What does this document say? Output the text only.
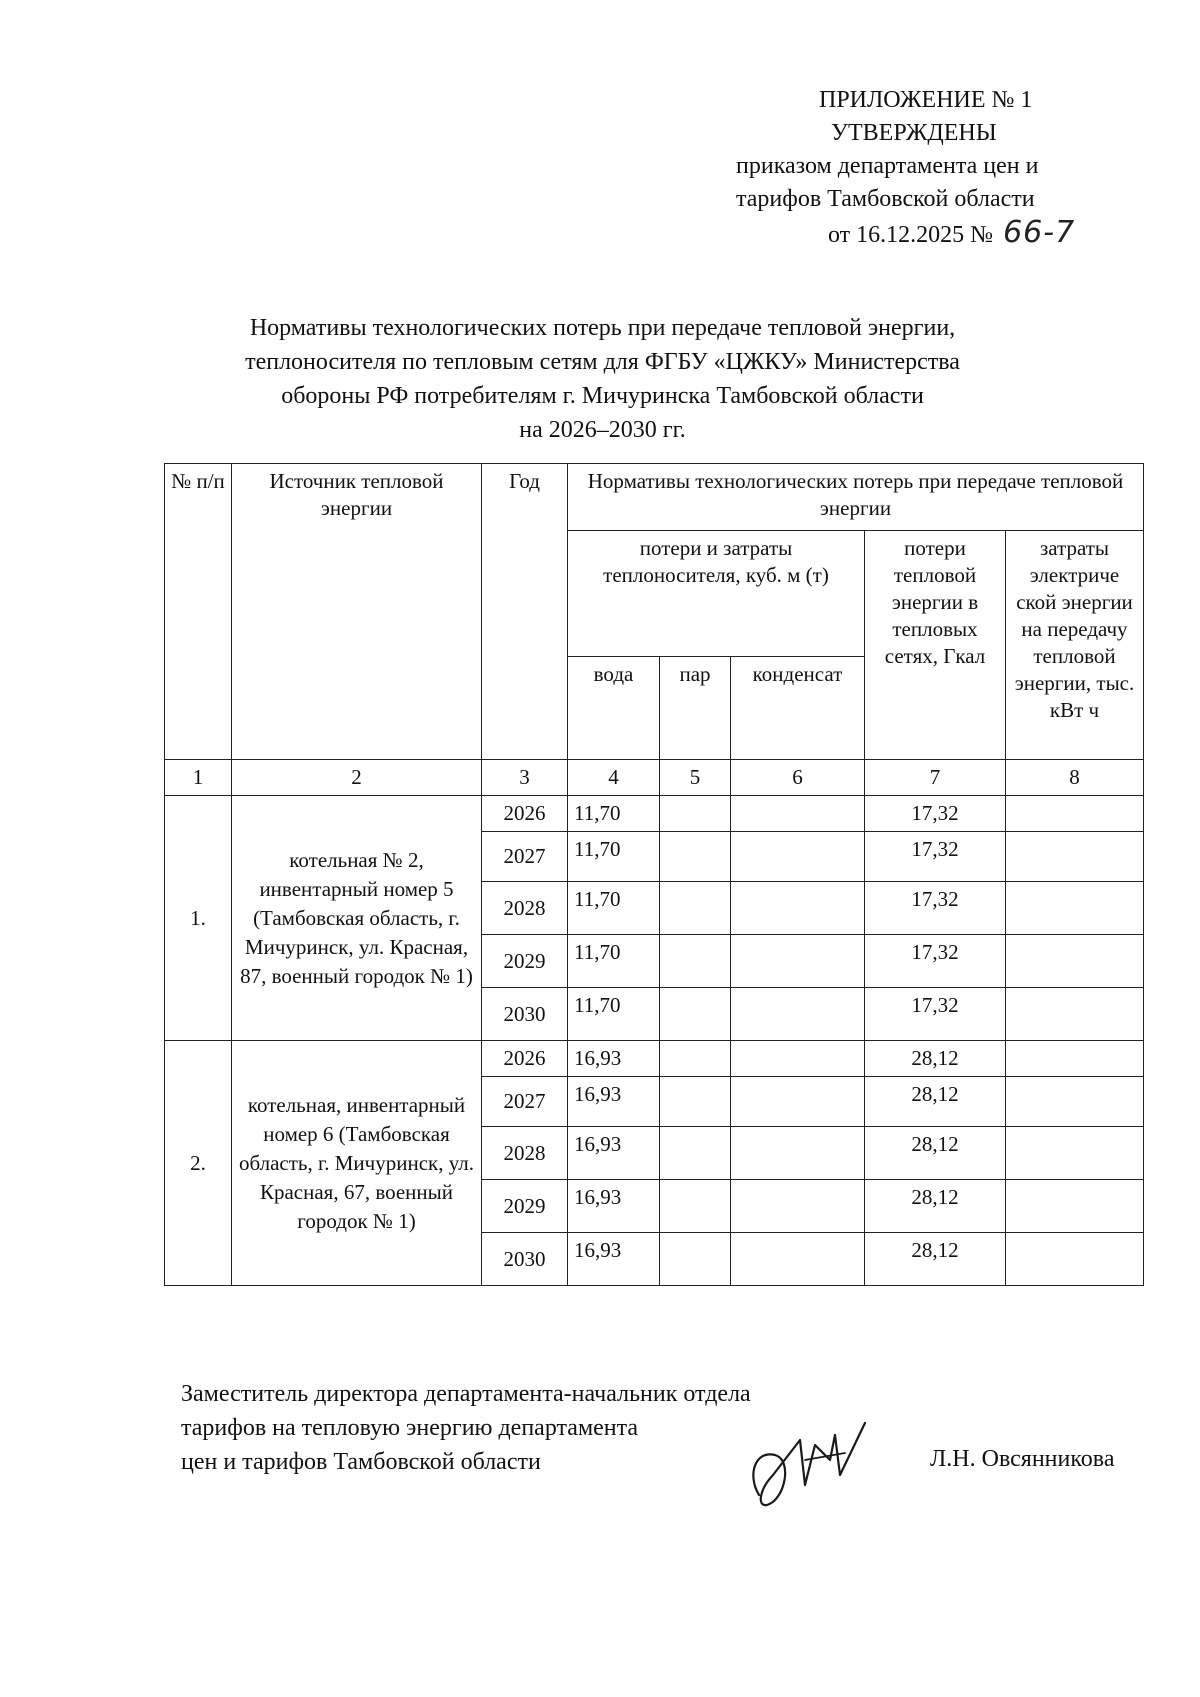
ПРИЛОЖЕНИЕ № 1
УТВЕРЖДЕНЫ
приказом департамента цен и
тарифов Тамбовской области
от 16.12.2025 № 66-7
Нормативы технологических потерь при передаче тепловой энергии,
теплоносителя по тепловым сетям для ФГБУ «ЦЖКУ» Министерства
обороны РФ потребителям г. Мичуринска Тамбовской области
на 2026–2030 гг.
№ п/п	Источник тепловой энергии	Год	Нормативы технологических потерь при передаче тепловой энергии				
			потери и затраты теплоносителя, куб. м (т)			потери тепловой энергии в тепловых сетях, Гкал	затраты электриче ской энергии на передачу тепловой энергии, тыс. кВт ч
			вода	пар	конденсат		
1	2	3	4	5	6	7	8
1.	котельная № 2, инвентарный номер 5 (Тамбовская область, г. Мичуринск, ул. Красная, 87, военный городок № 1)	2026	11,70			17,32	
		2027	11,70			17,32	
		2028	11,70			17,32	
		2029	11,70			17,32	
		2030	11,70			17,32	
2.	котельная, инвентарный номер 6 (Тамбовская область, г. Мичуринск, ул. Красная, 67, военный городок № 1)	2026	16,93			28,12	
		2027	16,93			28,12	
		2028	16,93			28,12	
		2029	16,93			28,12	
		2030	16,93			28,12	
Заместитель директора департамента-начальник отдела
тарифов на тепловую энергию департамента
цен и тарифов Тамбовской области	Л.Н. Овсянникова
